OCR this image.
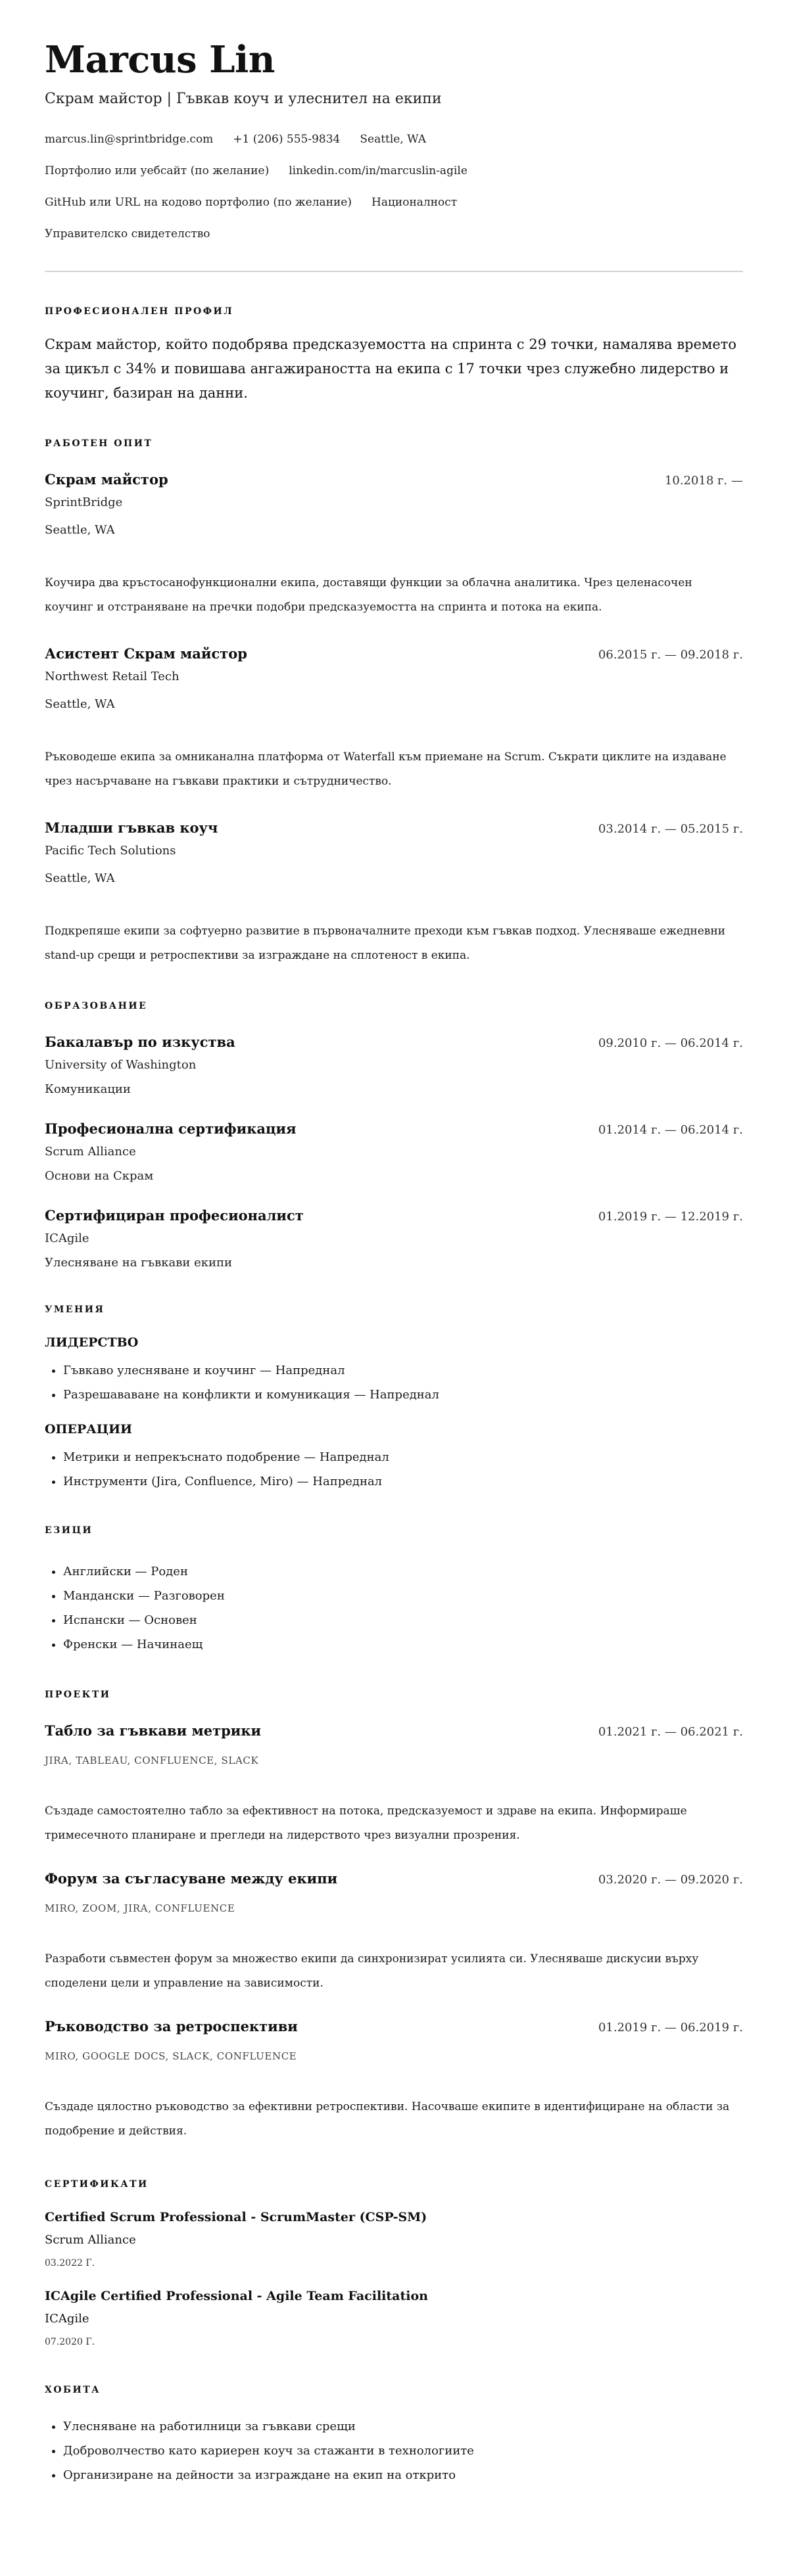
Marcus Lin
Скрам майстор | Гъвкав коуч и улеснител на екипи
marcus.lin@sprintbridge.com +1 (206) 555-9834 Seattle, WA
Портфолио или уебсайт (по желание) linkedin.com/in/marcuslin-agile
GitHub или URL на кодово портфолио (по желание) Националност
Управителско свидетелство
ПРОФЕСИОНАЛЕН ПРОФИЛ
Скрам майстор, който подобрява предсказуемостта на спринта с 29 точки, намалява времето за цикъл с 34% и повишава ангажираността на екипа с 17 точки чрез служебно лидерство и коучинг, базиран на данни.
РАБОТЕН ОПИТ
Скрам майстор	10.2018 г. —
SprintBridge
Seattle, WA
Коучира два кръстосанофункционални екипа, доставящи функции за облачна аналитика. Чрез целенасочен коучинг и отстраняване на пречки подобри предсказуемостта на спринта и потока на екипа.
Асистент Скрам майстор	06.2015 г. — 09.2018 г.
Northwest Retail Tech
Seattle, WA
Ръководеше екипа за омниканална платформа от Waterfall към приемане на Scrum. Съкрати циклите на издаване чрез насърчаване на гъвкави практики и сътрудничество.
Младши гъвкав коуч	03.2014 г. — 05.2015 г.
Pacific Tech Solutions
Seattle, WA
Подкрепяше екипи за софтуерно развитие в първоначалните преходи към гъвкав подход. Улесняваше ежедневни stand-up срещи и ретроспективи за изграждане на сплотеност в екипа.
ОБРАЗОВАНИЕ
Бакалавър по изкуства	09.2010 г. — 06.2014 г.
University of Washington
Комуникации
Професионална сертификация	01.2014 г. — 06.2014 г.
Scrum Alliance
Основи на Скрам
Сертифициран професионалист	01.2019 г. — 12.2019 г.
ICAgile
Улесняване на гъвкави екипи
УМЕНИЯ
ЛИДЕРСТВО
• Гъвкаво улесняване и коучинг — Напреднал
• Разрешававане на конфликти и комуникация — Напреднал
ОПЕРАЦИИ
• Метрики и непрекъснато подобрение — Напреднал
• Инструменти (Jira, Confluence, Miro) — Напреднал
ЕЗИЦИ
• Английски — Роден
• Мандански — Разговорен
• Испански — Основен
• Френски — Начинаещ
ПРОЕКТИ
Табло за гъвкави метрики	01.2021 г. — 06.2021 г.
JIRA, TABLEAU, CONFLUENCE, SLACK
Създаде самостоятелно табло за ефективност на потока, предсказуемост и здраве на екипа. Информираше тримесечното планиране и прегледи на лидерството чрез визуални прозрения.
Форум за съгласуване между екипи	03.2020 г. — 09.2020 г.
MIRO, ZOOM, JIRA, CONFLUENCE
Разработи съвместен форум за множество екипи да синхронизират усилията си. Улесняваше дискусии върху споделени цели и управление на зависимости.
Ръководство за ретроспективи	01.2019 г. — 06.2019 г.
MIRO, GOOGLE DOCS, SLACK, CONFLUENCE
Създаде цялостно ръководство за ефективни ретроспективи. Насочваше екипите в идентифициране на области за подобрение и действия.
СЕРТИФИКАТИ
Certified Scrum Professional - ScrumMaster (CSP-SM)
Scrum Alliance
03.2022 Г.
ICAgile Certified Professional - Agile Team Facilitation
ICAgile
07.2020 Г.
ХОБИТА
• Улесняване на работилници за гъвкави срещи
• Доброволчество като кариерен коуч за стажанти в технологиите
• Организиране на дейности за изграждане на екип на открито
